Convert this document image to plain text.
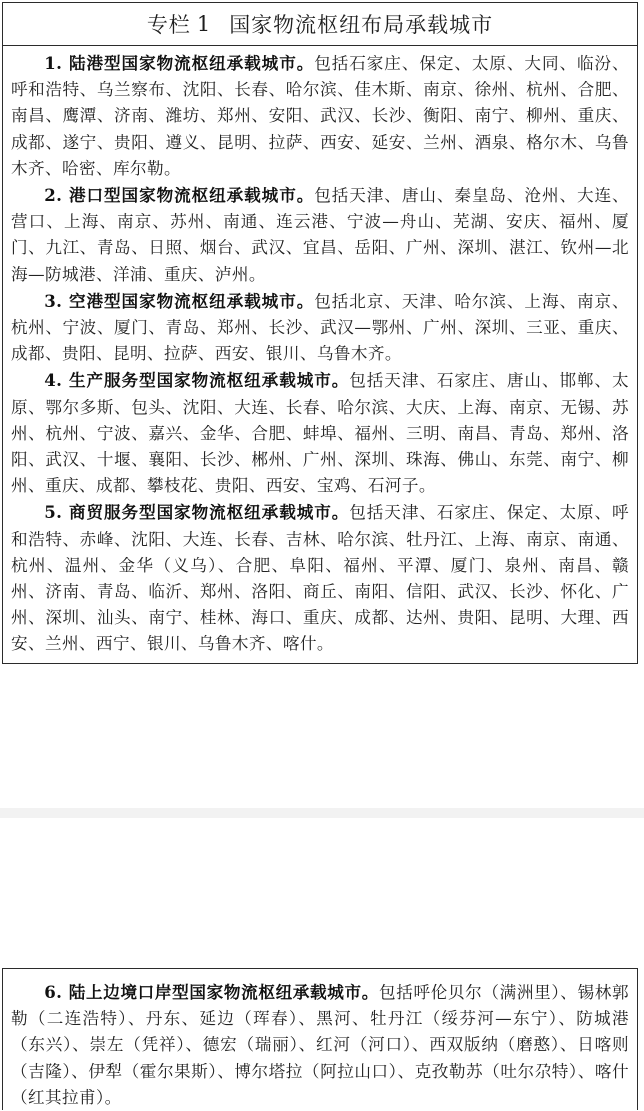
专栏 1 国家物流枢纽布局承载城市

1. 陆港型国家物流枢纽承载城市。包括石家庄、保定、太原、大同、临汾、呼和浩特、乌兰察布、沈阳、长春、哈尔滨、佳木斯、南京、徐州、杭州、合肥、南昌、鹰潭、济南、潍坊、郑州、安阳、武汉、长沙、衡阳、南宁、柳州、重庆、成都、遂宁、贵阳、遵义、昆明、拉萨、西安、延安、兰州、酒泉、格尔木、乌鲁木齐、哈密、库尔勒。

2. 港口型国家物流枢纽承载城市。包括天津、唐山、秦皇岛、沧州、大连、营口、上海、南京、苏州、南通、连云港、宁波—舟山、芜湖、安庆、福州、厦门、九江、青岛、日照、烟台、武汉、宜昌、岳阳、广州、深圳、湛江、钦州—北海—防城港、洋浦、重庆、泸州。

3. 空港型国家物流枢纽承载城市。包括北京、天津、哈尔滨、上海、南京、杭州、宁波、厦门、青岛、郑州、长沙、武汉—鄂州、广州、深圳、三亚、重庆、成都、贵阳、昆明、拉萨、西安、银川、乌鲁木齐。

4. 生产服务型国家物流枢纽承载城市。包括天津、石家庄、唐山、邯郸、太原、鄂尔多斯、包头、沈阳、大连、长春、哈尔滨、大庆、上海、南京、无锡、苏州、杭州、宁波、嘉兴、金华、合肥、蚌埠、福州、三明、南昌、青岛、郑州、洛阳、武汉、十堰、襄阳、长沙、郴州、广州、深圳、珠海、佛山、东莞、南宁、柳州、重庆、成都、攀枝花、贵阳、西安、宝鸡、石河子。

5. 商贸服务型国家物流枢纽承载城市。包括天津、石家庄、保定、太原、呼和浩特、赤峰、沈阳、大连、长春、吉林、哈尔滨、牡丹江、上海、南京、南通、杭州、温州、金华（义乌）、合肥、阜阳、福州、平潭、厦门、泉州、南昌、赣州、济南、青岛、临沂、郑州、洛阳、商丘、南阳、信阳、武汉、长沙、怀化、广州、深圳、汕头、南宁、桂林、海口、重庆、成都、达州、贵阳、昆明、大理、西安、兰州、西宁、银川、乌鲁木齐、喀什。

6. 陆上边境口岸型国家物流枢纽承载城市。包括呼伦贝尔（满洲里）、锡林郭勒（二连浩特）、丹东、延边（珲春）、黑河、牡丹江（绥芬河—东宁）、防城港（东兴）、崇左（凭祥）、德宏（瑞丽）、红河（河口）、西双版纳（磨憨）、日喀则（吉隆）、伊犁（霍尔果斯）、博尔塔拉（阿拉山口）、克孜勒苏（吐尔尕特）、喀什（红其拉甫）。
